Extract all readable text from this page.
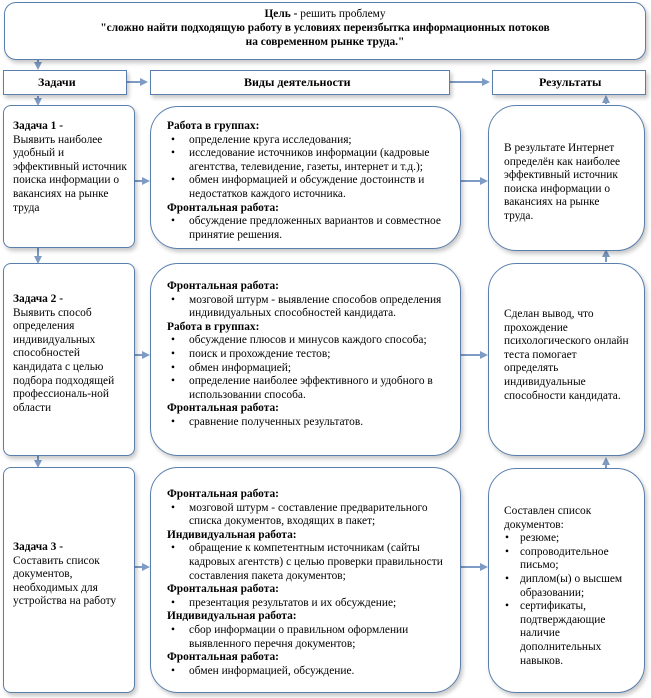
Цель - решить проблему
"сложно найти подходящую работу в условиях переизбытка информационных потоков
на современном рынке труда."
Задачи	Виды деятельности	Результаты
Задача 1 -
Выявить наиболее удобный и эффективный источник поиска информации о вакансиях на рынке труда
Задача 2 -
Выявить способ определения индивидуальных способностей кандидата с целью подбора подходящей профессиональ-ной области
Задача 3 -
Составить список документов, необходимых для устройства на работу
Работа в группах:
• определение круга исследования;
• исследование источников информации (кадровые агентства, телевидение, газеты, интернет и т.д.);
• обмен информацией и обсуждение достоинств и недостатков каждого источника.
Фронтальная работа:
• обсуждение предложенных вариантов и совместное принятие решения.
Фронтальная работа:
• мозговой штурм - выявление способов определения индивидуальных способностей кандидата.
Работа в группах:
• обсуждение плюсов и минусов каждого способа;
• поиск и прохождение тестов;
• обмен информацией;
• определение наиболее эффективного и удобного в использовании способа.
Фронтальная работа:
• сравнение полученных результатов.
Фронтальная работа:
• мозговой штурм - составление предварительного списка документов, входящих в пакет;
Индивидуальная работа:
• обращение к компетентным источникам (сайты кадровых агентств) с целью проверки правильности составления пакета документов;
Фронтальная работа:
• презентация результатов и их обсуждение;
Индивидуальная работа:
• сбор информации о правильном оформлении выявленного перечня документов;
Фронтальная работа:
• обмен информацией, обсуждение.
В результате Интернет определён как наиболее эффективный источник поиска информации о вакансиях на рынке труда.
Сделан вывод, что прохождение психологического онлайн теста помогает определять индивидуальные способности кандидата.
Составлен список документов:
• резюме;
• сопроводительное письмо;
• диплом(ы) о высшем образовании;
• сертификаты, подтверждающие наличие дополнительных навыков.
